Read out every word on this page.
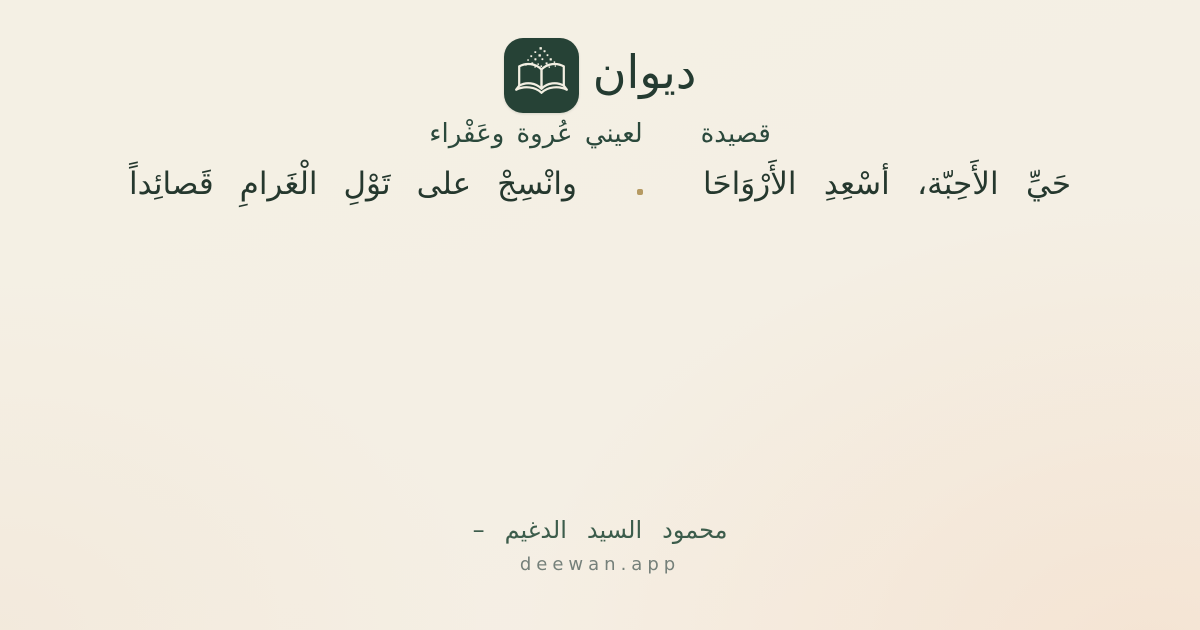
ديوان
قصيدة
لعيني عُروة وعَفْراء
حَيِّ
الأَحِبّة،
أسْعِدِ
الأَرْوَاحَا
وانْسِجْ
على
تَوْلِ
الْغَرامِ
قَصائِداً
محمود
السيد
الدغيم
–
deewan.app
